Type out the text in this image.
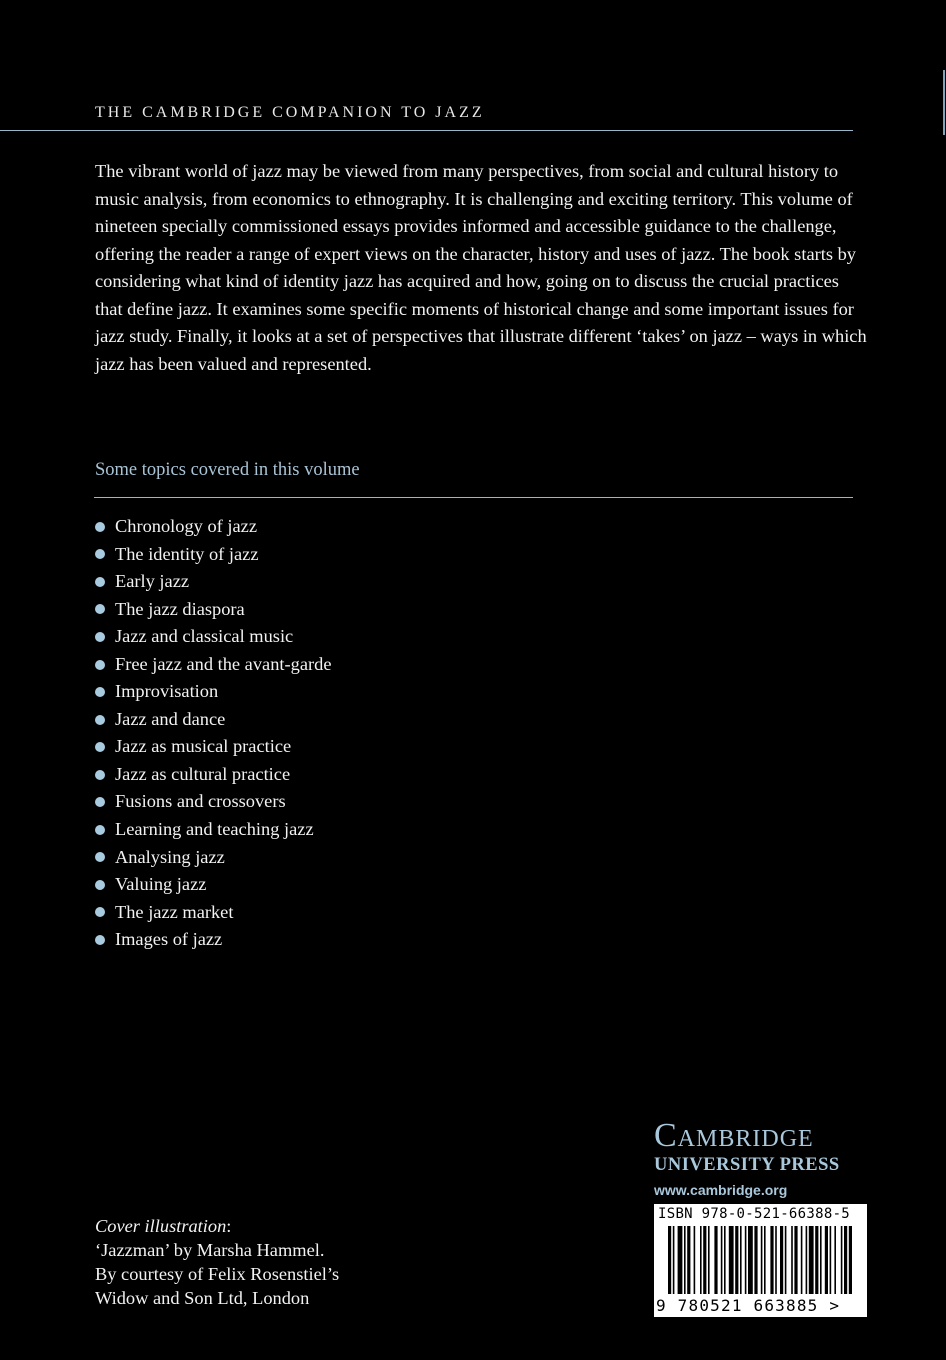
THE CAMBRIDGE COMPANION TO JAZZ
The vibrant world of jazz may be viewed from many perspectives, from social and cultural history to music analysis, from economics to ethnography. It is challenging and exciting territory. This volume of nineteen specially commissioned essays provides informed and accessible guidance to the challenge, offering the reader a range of expert views on the character, history and uses of jazz. The book starts by considering what kind of identity jazz has acquired and how, going on to discuss the crucial practices that define jazz. It examines some specific moments of historical change and some important issues for jazz study. Finally, it looks at a set of perspectives that illustrate different ‘takes’ on jazz – ways in which jazz has been valued and represented.
Some topics covered in this volume
Chronology of jazz
The identity of jazz
Early jazz
The jazz diaspora
Jazz and classical music
Free jazz and the avant-garde
Improvisation
Jazz and dance
Jazz as musical practice
Jazz as cultural practice
Fusions and crossovers
Learning and teaching jazz
Analysing jazz
Valuing jazz
The jazz market
Images of jazz
Cambridge
UNIVERSITY PRESS
www.cambridge.org
Cover illustration:
‘Jazzman’ by Marsha Hammel.
By courtesy of Felix Rosenstiel’s
Widow and Son Ltd, London
ISBN 978-0-521-66388-5
9 780521 663885 >
